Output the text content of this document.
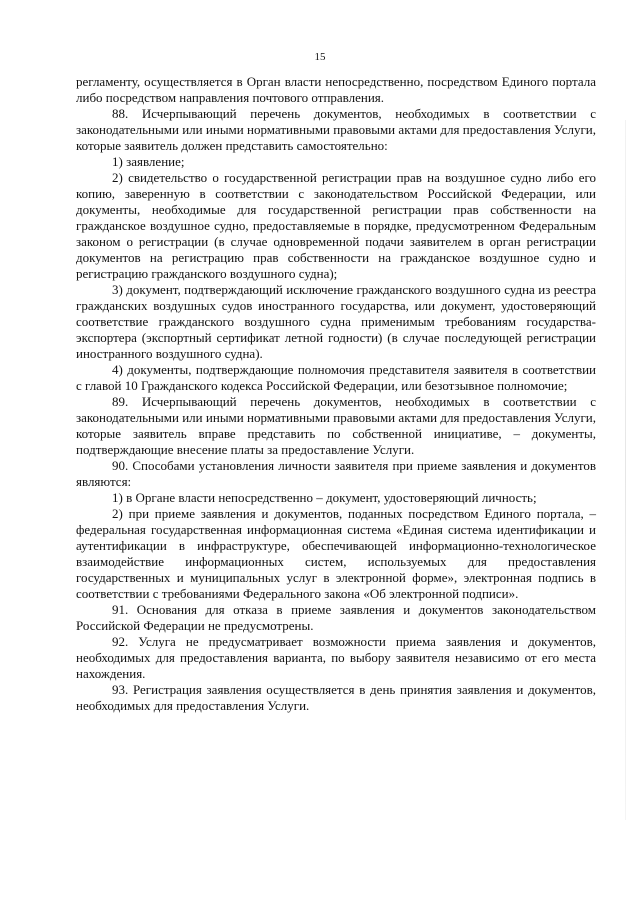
15

регламенту, осуществляется в Орган власти непосредственно, посредством Единого портала либо посредством направления почтового отправления.

88. Исчерпывающий перечень документов, необходимых в соответствии с законодательными или иными нормативными правовыми актами для предоставления Услуги, которые заявитель должен представить самостоятельно:

1) заявление;

2) свидетельство о государственной регистрации прав на воздушное судно либо его копию, заверенную в соответствии с законодательством Российской Федерации, или документы, необходимые для государственной регистрации прав собственности на гражданское воздушное судно, предоставляемые в порядке, предусмотренном Федеральным законом о регистрации (в случае одновременной подачи заявителем в орган регистрации документов на регистрацию прав собственности на гражданское воздушное судно и регистрацию гражданского воздушного судна);

3) документ, подтверждающий исключение гражданского воздушного судна из реестра гражданских воздушных судов иностранного государства, или документ, удостоверяющий соответствие гражданского воздушного судна применимым требованиям государства-экспортера (экспортный сертификат летной годности) (в случае последующей регистрации иностранного воздушного судна).

4) документы, подтверждающие полномочия представителя заявителя в соответствии с главой 10 Гражданского кодекса Российской Федерации, или безотзывное полномочие;

89. Исчерпывающий перечень документов, необходимых в соответствии с законодательными или иными нормативными правовыми актами для предоставления Услуги, которые заявитель вправе представить по собственной инициативе, – документы, подтверждающие внесение платы за предоставление Услуги.

90. Способами установления личности заявителя при приеме заявления и документов являются:

1) в Органе власти непосредственно – документ, удостоверяющий личность;

2) при приеме заявления и документов, поданных посредством Единого портала, – федеральная государственная информационная система «Единая система идентификации и аутентификации в инфраструктуре, обеспечивающей информационно-технологическое взаимодействие информационных систем, используемых для предоставления государственных и муниципальных услуг в электронной форме», электронная подпись в соответствии с требованиями Федерального закона «Об электронной подписи».

91. Основания для отказа в приеме заявления и документов законодательством Российской Федерации не предусмотрены.

92. Услуга не предусматривает возможности приема заявления и документов, необходимых для предоставления варианта, по выбору заявителя независимо от его места нахождения.

93. Регистрация заявления осуществляется в день принятия заявления и документов, необходимых для предоставления Услуги.
